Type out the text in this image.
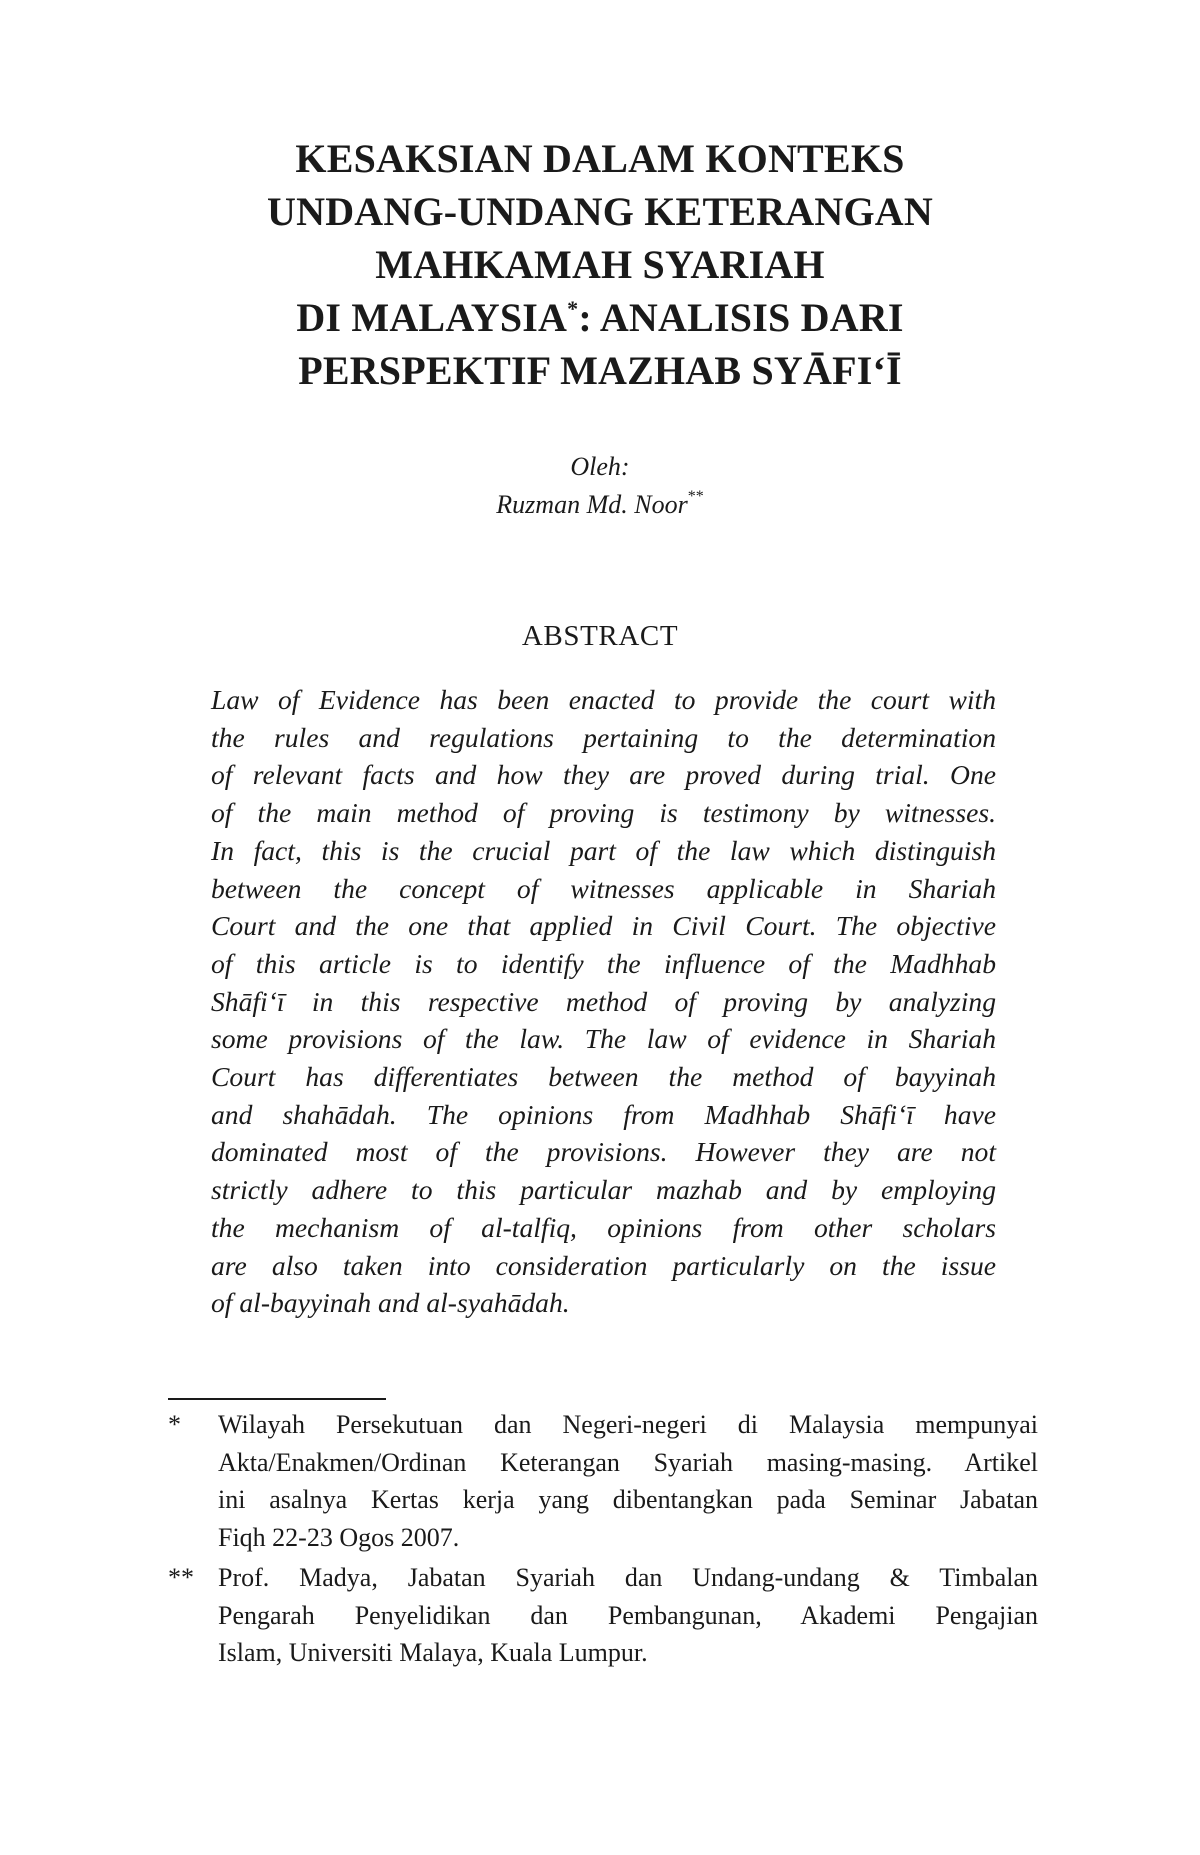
KESAKSIAN DALAM KONTEKS
UNDANG-UNDANG KETERANGAN
MAHKAMAH SYARIAH
DI MALAYSIA*: ANALISIS DARI
PERSPEKTIF MAZHAB SYĀFI‘Ī
Oleh:
Ruzman Md. Noor**
ABSTRACT
Law of Evidence has been enacted to provide the court with
the rules and regulations pertaining to the determination
of relevant facts and how they are proved during trial. One
of the main method of proving is testimony by witnesses.
In fact, this is the crucial part of the law which distinguish
between the concept of witnesses applicable in Shariah
Court and the one that applied in Civil Court. The objective
of this article is to identify the influence of the Madhhab
Shāfi‘ī in this respective method of proving by analyzing
some provisions of the law. The law of evidence in Shariah
Court has differentiates between the method of bayyinah
and shahādah. The opinions from Madhhab Shāfi‘ī have
dominated most of the provisions. However they are not
strictly adhere to this particular mazhab and by employing
the mechanism of al-talfiq, opinions from other scholars
are also taken into consideration particularly on the issue
of al-bayyinah and al-syahādah.
*	Wilayah Persekutuan dan Negeri-negeri di Malaysia mempunyai
Akta/Enakmen/Ordinan Keterangan Syariah masing-masing. Artikel
ini asalnya Kertas kerja yang dibentangkan pada Seminar Jabatan
Fiqh 22-23 Ogos 2007.
** Prof. Madya, Jabatan Syariah dan Undang-undang & Timbalan
Pengarah Penyelidikan dan Pembangunan, Akademi Pengajian
Islam, Universiti Malaya, Kuala Lumpur.
